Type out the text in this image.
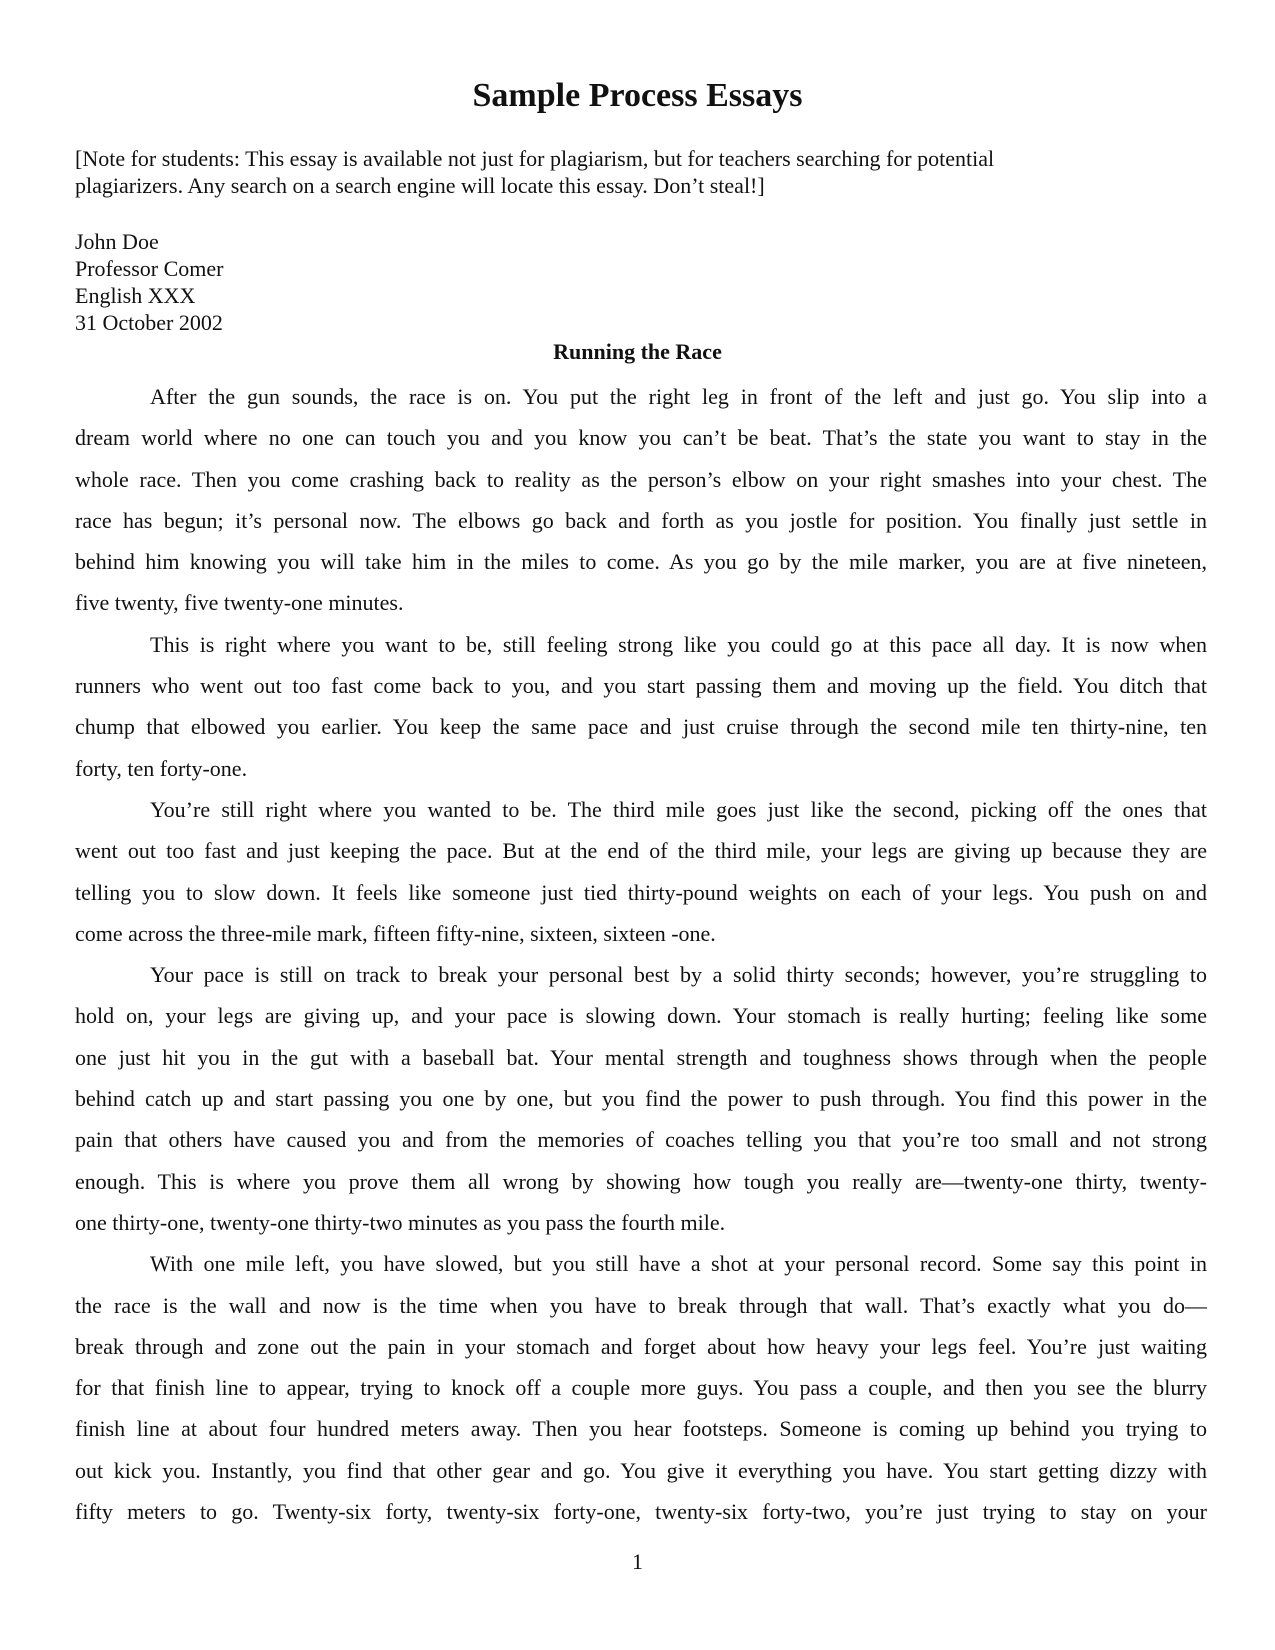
Sample Process Essays
[Note for students: This essay is available not just for plagiarism, but for teachers searching for potential
plagiarizers. Any search on a search engine will locate this essay. Don’t steal!]
John Doe
Professor Comer
English XXX
31 October 2002
Running the Race
After the gun sounds, the race is on. You put the right leg in front of the left and just go. You slip into a
dream world where no one can touch you and you know you can’t be beat. That’s the state you want to stay in the
whole race. Then you come crashing back to reality as the person’s elbow on your right smashes into your chest. The
race has begun; it’s personal now. The elbows go back and forth as you jostle for position. You finally just settle in
behind him knowing you will take him in the miles to come. As you go by the mile marker, you are at five nineteen,
five twenty, five twenty-one minutes.
This is right where you want to be, still feeling strong like you could go at this pace all day. It is now when
runners who went out too fast come back to you, and you start passing them and moving up the field. You ditch that
chump that elbowed you earlier. You keep the same pace and just cruise through the second mile ten thirty-nine, ten
forty, ten forty-one.
You’re still right where you wanted to be. The third mile goes just like the second, picking off the ones that
went out too fast and just keeping the pace. But at the end of the third mile, your legs are giving up because they are
telling you to slow down. It feels like someone just tied thirty-pound weights on each of your legs. You push on and
come across the three-mile mark, fifteen fifty-nine, sixteen, sixteen -one.
Your pace is still on track to break your personal best by a solid thirty seconds; however, you’re struggling to
hold on, your legs are giving up, and your pace is slowing down. Your stomach is really hurting; feeling like some
one just hit you in the gut with a baseball bat. Your mental strength and toughness shows through when the people
behind catch up and start passing you one by one, but you find the power to push through. You find this power in the
pain that others have caused you and from the memories of coaches telling you that you’re too small and not strong
enough. This is where you prove them all wrong by showing how tough you really are—twenty-one thirty, twenty-
one thirty-one, twenty-one thirty-two minutes as you pass the fourth mile.
With one mile left, you have slowed, but you still have a shot at your personal record. Some say this point in
the race is the wall and now is the time when you have to break through that wall. That’s exactly what you do—
break through and zone out the pain in your stomach and forget about how heavy your legs feel. You’re just waiting
for that finish line to appear, trying to knock off a couple more guys. You pass a couple, and then you see the blurry
finish line at about four hundred meters away. Then you hear footsteps. Someone is coming up behind you trying to
out kick you. Instantly, you find that other gear and go. You give it everything you have. You start getting dizzy with
fifty meters to go. Twenty-six forty, twenty-six forty-one, twenty-six forty-two, you’re just trying to stay on your
1
